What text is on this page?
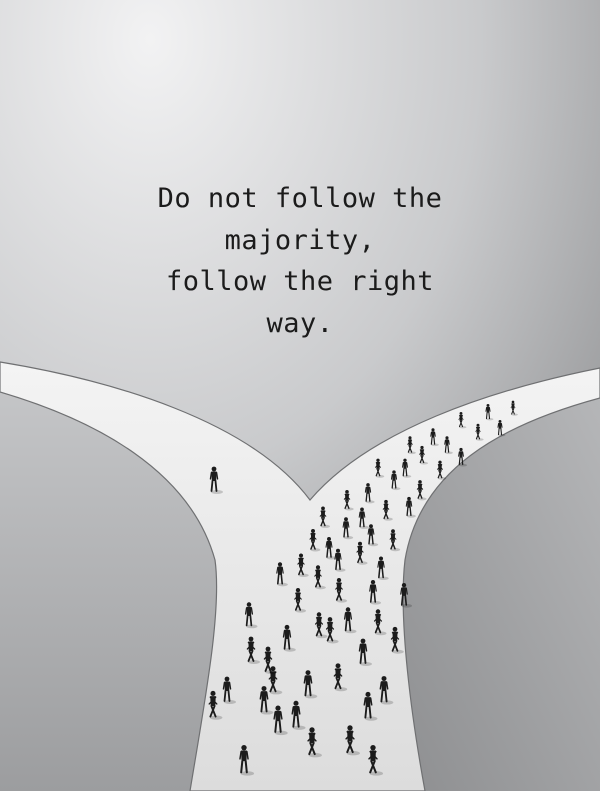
Do not follow the
majority,
follow the right
way.
